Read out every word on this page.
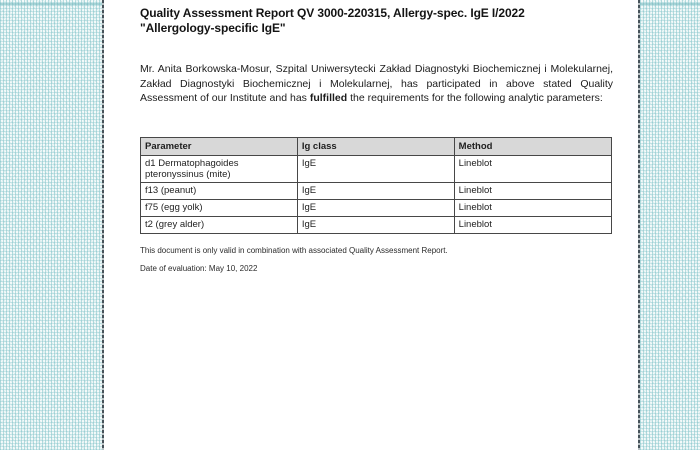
Quality Assessment Report QV 3000-220315, Allergy-spec. IgE I/2022
"Allergology-specific IgE"

Mr. Anita Borkowska-Mosur, Szpital Uniwersytecki Zakład Diagnostyki Biochemicznej i Molekularnej, Zakład Diagnostyki Biochemicznej i Molekularnej, has participated in above stated Quality Assessment of our Institute and has fulfilled the requirements for the following analytic parameters:

Parameter	Ig class	Method
d1 Dermatophagoides pteronyssinus (mite)	IgE	Lineblot
f13 (peanut)	IgE	Lineblot
f75 (egg yolk)	IgE	Lineblot
t2 (grey alder)	IgE	Lineblot

This document is only valid in combination with associated Quality Assessment Report.

Date of evaluation: May 10, 2022
